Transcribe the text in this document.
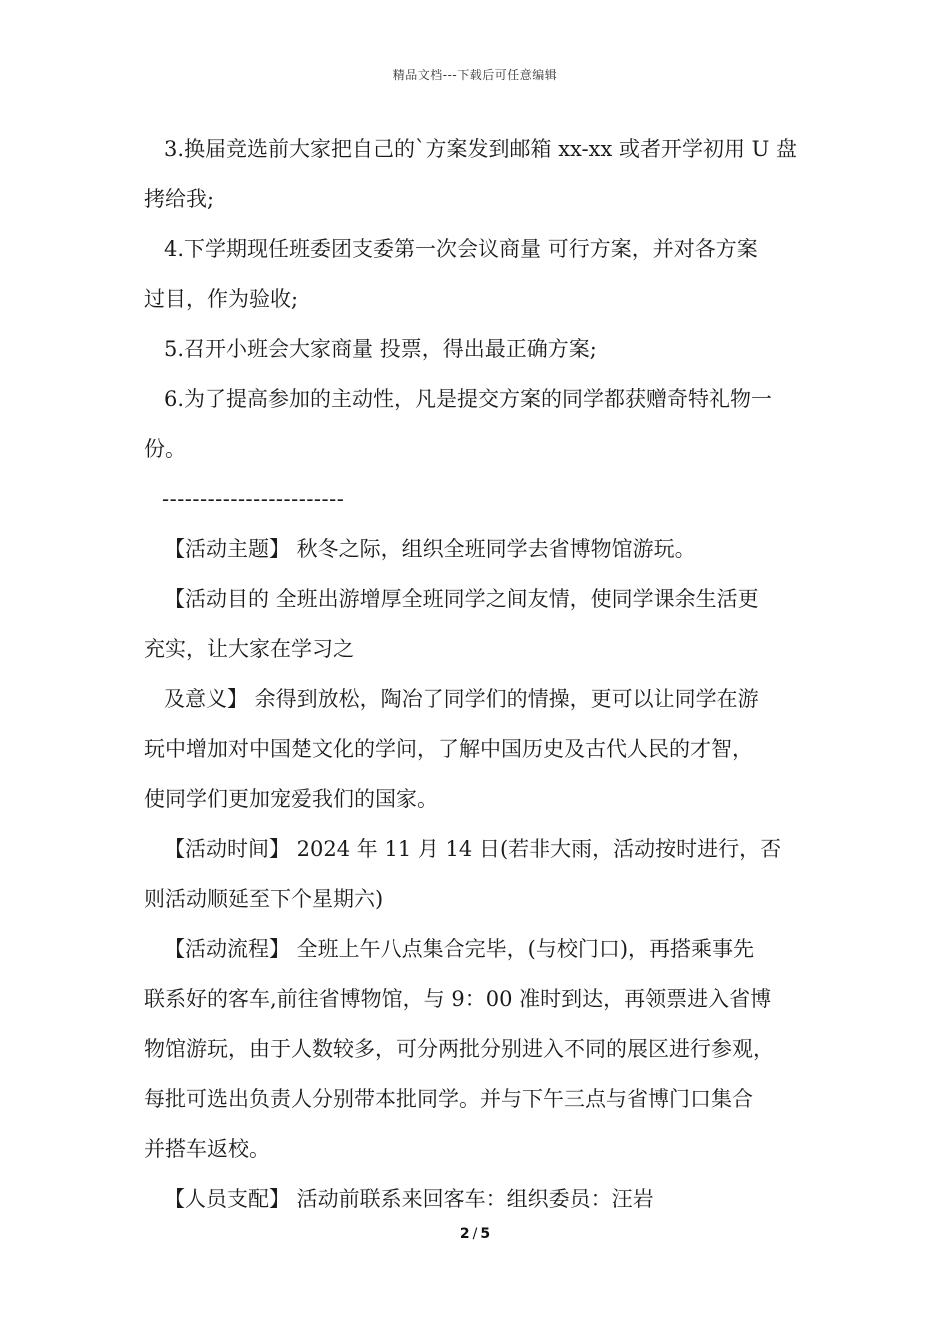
精品文档---下载后可任意编辑
3.换届竞选前大家把自己的`方案发到邮箱 xx-xx 或者开学初用 U 盘
拷给我;
4.下学期现任班委团支委第一次会议商量 可行方案，并对各方案
过目，作为验收;
5.召开小班会大家商量 投票，得出最正确方案;
6.为了提高参加的主动性，凡是提交方案的同学都获赠奇特礼物一
份。
------------------------
【活动主题】 秋冬之际，组织全班同学去省博物馆游玩。
【活动目的 全班出游增厚全班同学之间友情，使同学课余生活更
充实，让大家在学习之
及意义】 余得到放松，陶冶了同学们的情操，更可以让同学在游
玩中增加对中国楚文化的学问，了解中国历史及古代人民的才智，
使同学们更加宠爱我们的国家。
【活动时间】 2024 年 11 月 14 日(若非大雨，活动按时进行，否
则活动顺延至下个星期六)
【活动流程】 全班上午八点集合完毕，(与校门口)，再搭乘事先
联系好的客车,前往省博物馆，与 9：00 准时到达，再领票进入省博
物馆游玩，由于人数较多，可分两批分别进入不同的展区进行参观，
每批可选出负责人分别带本批同学。并与下午三点与省博门口集合
并搭车返校。
【人员支配】 活动前联系来回客车：组织委员：汪岩
2 / 5
